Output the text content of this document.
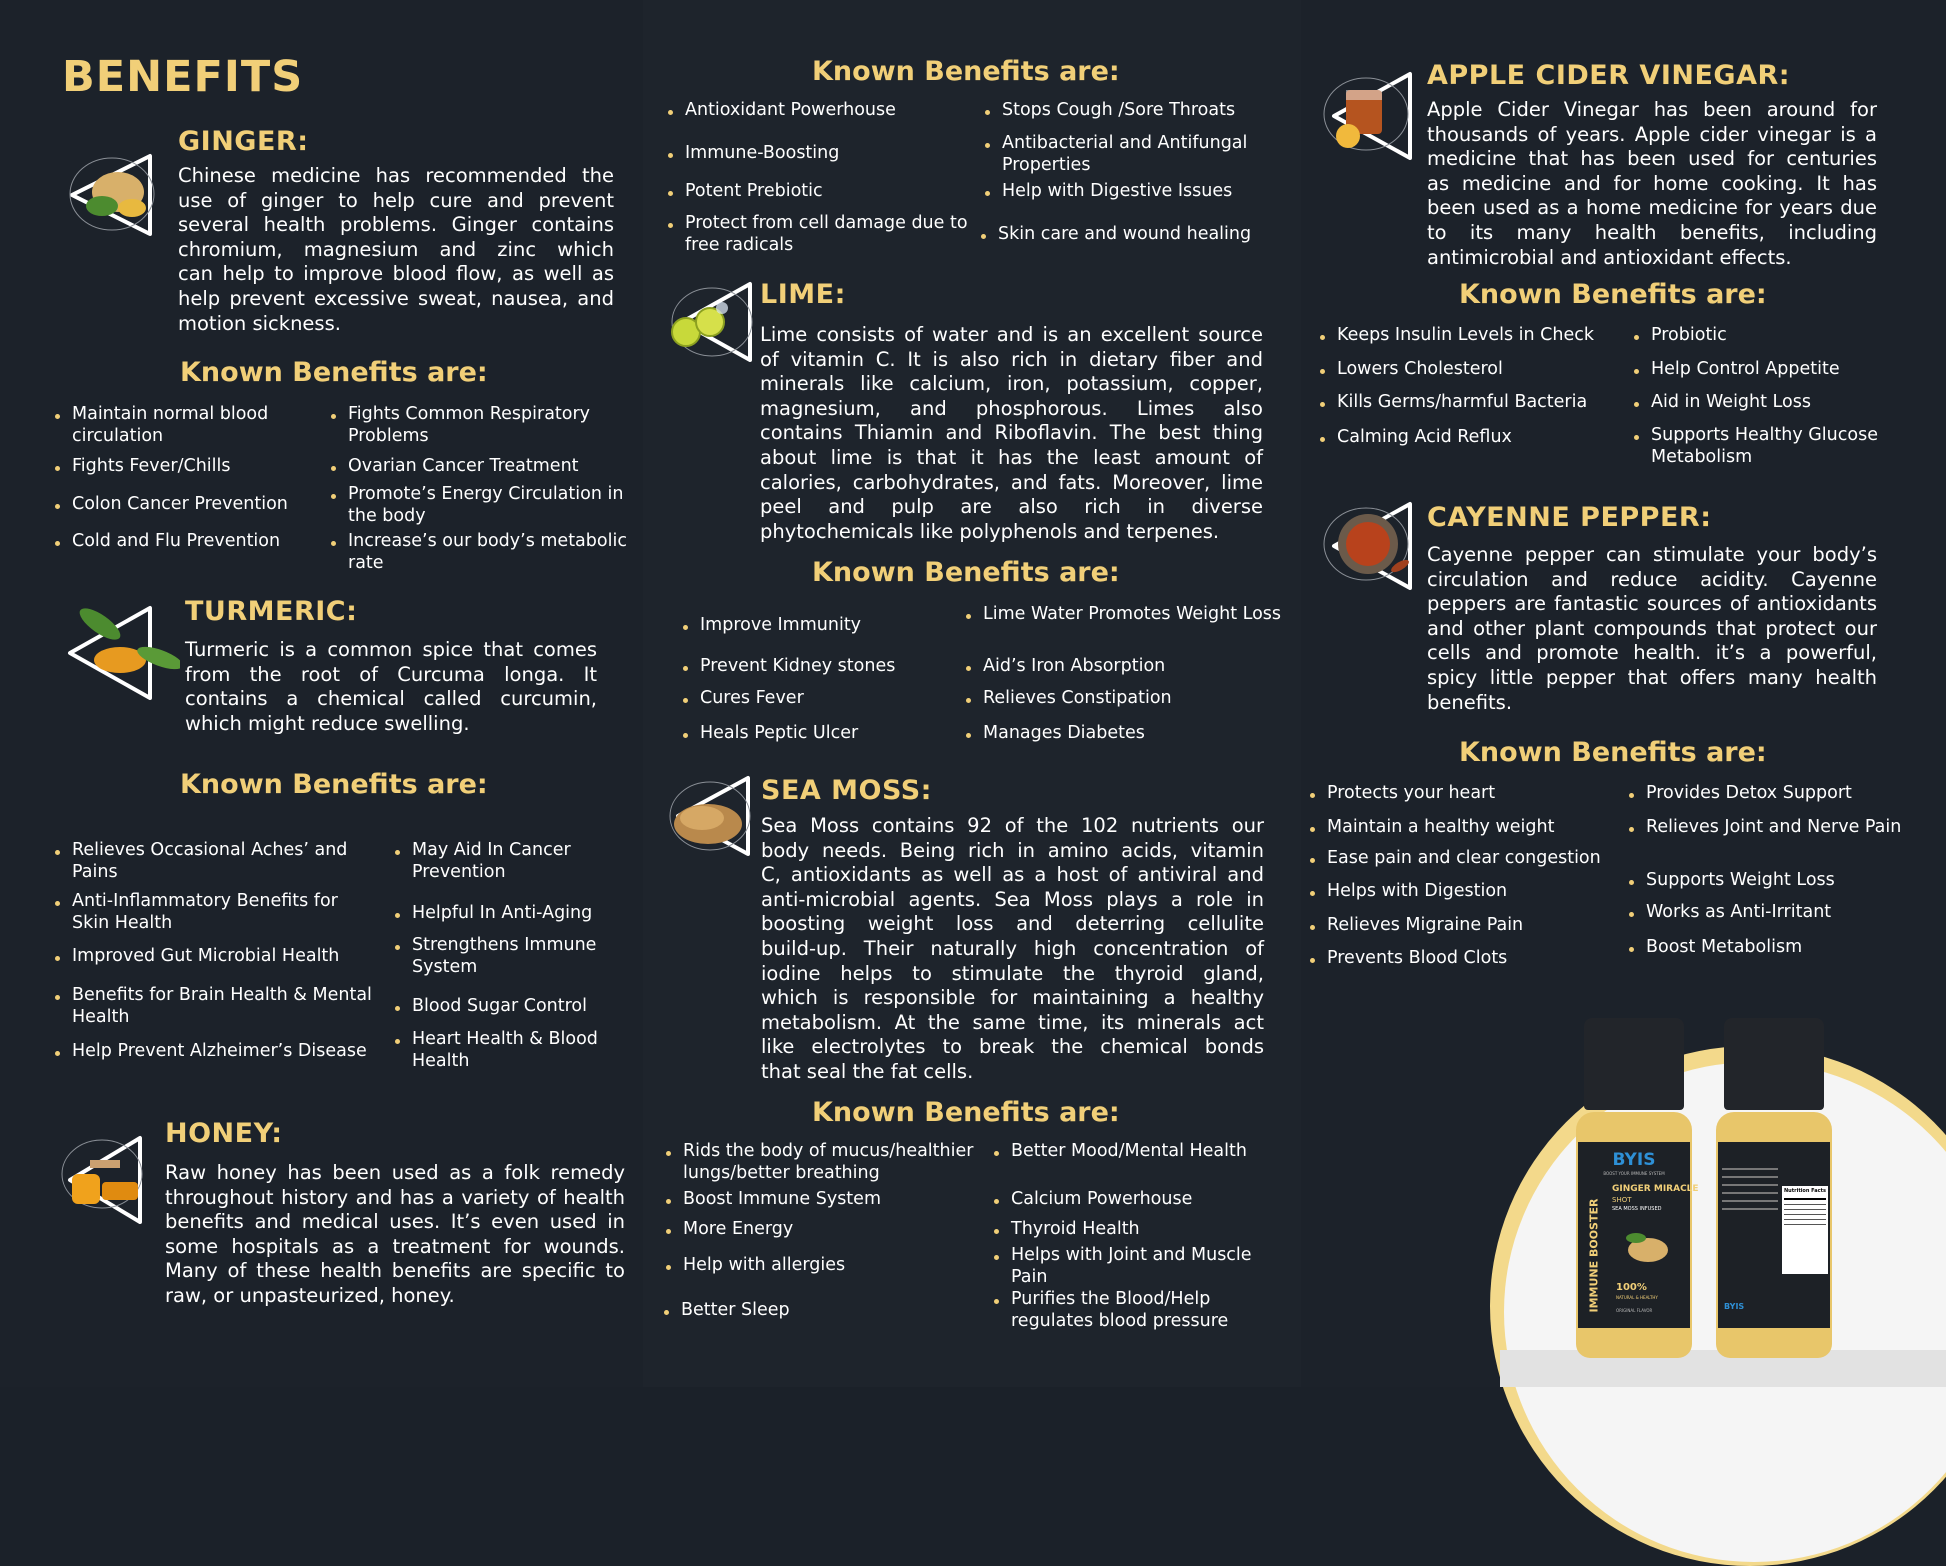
BENEFITS
GINGER:
Chinese medicine has recommended the
use of ginger to help cure and prevent
several health problems. Ginger contains
chromium, magnesium and zinc which
can help to improve blood flow, as well as
help prevent excessive sweat, nausea, and
motion sickness.
Known Benefits are:
Maintain normal blood circulation
Fights Fever/Chills
Colon Cancer Prevention
Cold and Flu Prevention
Fights Common Respiratory Problems
Ovarian Cancer Treatment
Promote’s Energy Circulation in the body
Increase’s our body’s metabolic rate
TURMERIC:
Turmeric is a common spice that comes
from the root of Curcuma longa. It
contains a chemical called curcumin,
which might reduce swelling.
Known Benefits are:
Relieves Occasional Aches’ and Pains
Anti-Inflammatory Benefits for Skin Health
Improved Gut Microbial Health
Benefits for Brain Health & Mental Health
Help Prevent Alzheimer’s Disease
May Aid In Cancer Prevention
Helpful In Anti-Aging
Strengthens Immune System
Blood Sugar Control
Heart Health & Blood Health
HONEY:
Raw honey has been used as a folk remedy
throughout history and has a variety of health
benefits and medical uses. It’s even used in
some hospitals as a treatment for wounds.
Many of these health benefits are specific to
raw, or unpasteurized, honey.
Known Benefits are:
Antioxidant Powerhouse
Immune-Boosting
Potent Prebiotic
Protect from cell damage due to free radicals
Stops Cough /Sore Throats
Antibacterial and Antifungal Properties
Help with Digestive Issues
Skin care and wound healing
LIME:
Lime consists of water and is an excellent source
of vitamin C. It is also rich in dietary fiber and
minerals like calcium, iron, potassium, copper,
magnesium, and phosphorous. Limes also
contains Thiamin and Riboflavin. The best thing
about lime is that it has the least amount of
calories, carbohydrates, and fats. Moreover, lime
peel and pulp are also rich in diverse
phytochemicals like polyphenols and terpenes.
Known Benefits are:
Improve Immunity
Prevent Kidney stones
Cures Fever
Heals Peptic Ulcer
Lime Water Promotes Weight Loss
Aid’s Iron Absorption
Relieves Constipation
Manages Diabetes
SEA MOSS:
Sea Moss contains 92 of the 102 nutrients our
body needs. Being rich in amino acids, vitamin
C, antioxidants as well as a host of antiviral and
anti-microbial agents. Sea Moss plays a role in
boosting weight loss and deterring cellulite
build-up. Their naturally high concentration of
iodine helps to stimulate the thyroid gland,
which is responsible for maintaining a healthy
metabolism. At the same time, its minerals act
like electrolytes to break the chemical bonds
that seal the fat cells.
Known Benefits are:
Rids the body of mucus/healthier lungs/better breathing
Boost Immune System
More Energy
Help with allergies
Better Sleep
Better Mood/Mental Health
Calcium Powerhouse
Thyroid Health
Helps with Joint and Muscle Pain
Purifies the Blood/Help regulates blood pressure
APPLE CIDER VINEGAR:
Apple Cider Vinegar has been around for
thousands of years. Apple cider vinegar is a
medicine that has been used for centuries
as medicine and for home cooking. It has
been used as a home medicine for years due
to its many health benefits, including
antimicrobial and antioxidant effects.
Known Benefits are:
Keeps Insulin Levels in Check
Lowers Cholesterol
Kills Germs/harmful Bacteria
Calming Acid Reflux
Probiotic
Help Control Appetite
Aid in Weight Loss
Supports Healthy Glucose Metabolism
CAYENNE PEPPER:
Cayenne pepper can stimulate your body’s
circulation and reduce acidity. Cayenne
peppers are fantastic sources of antioxidants
and other plant compounds that protect our
cells and promote health. it’s a powerful,
spicy little pepper that offers many health
benefits.
Known Benefits are:
Protects your heart
Maintain a healthy weight
Ease pain and clear congestion
Helps with Digestion
Relieves Migraine Pain
Prevents Blood Clots
Provides Detox Support
Relieves Joint and Nerve Pain
Supports Weight Loss
Works as Anti-Irritant
Boost Metabolism
BYIS
BOOST YOUR IMMUNE SYSTEM
IMMUNE BOOSTER
GINGER MIRACLE
SHOT
SEA MOSS INFUSED
100%
NATURAL & HEALTHY
ORIGINAL FLAVOR
Nutrition Facts
BYIS
